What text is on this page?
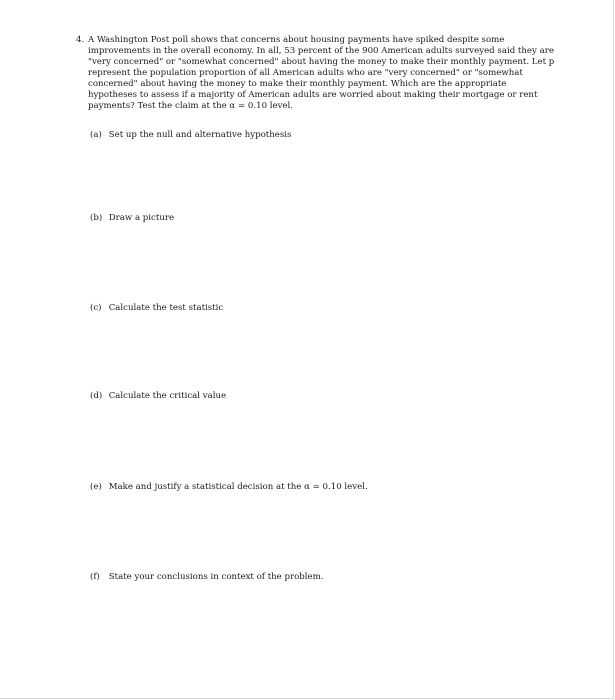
4. A Washington Post poll shows that concerns about housing payments have spiked despite some improvements in the overall economy. In all, 53 percent of the 900 American adults surveyed said they are "very concerned" or "somewhat concerned" about having the money to make their monthly payment. Let p represent the population proportion of all American adults who are "very concerned" or "somewhat concerned" about having the money to make their monthly payment. Which are the appropriate hypotheses to assess if a majority of American adults are worried about making their mortgage or rent payments? Test the claim at the α = 0.10 level.
(a) Set up the null and alternative hypothesis
(b) Draw a picture
(c) Calculate the test statistic
(d) Calculate the critical value
(e) Make and justify a statistical decision at the α = 0.10 level.
(f) State your conclusions in context of the problem.
